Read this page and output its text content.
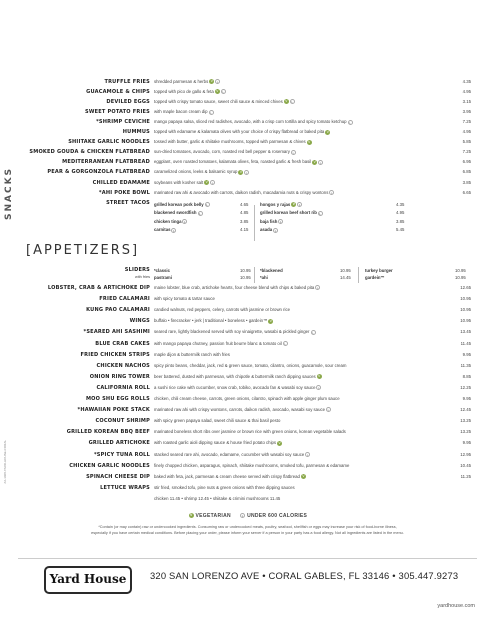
SNACKS
ZA-1408-YARD-HOUSE-CORAL
TRUFFLE FRIES shredded parmesan & herbs V L	4.35
GUACAMOLE & CHIPS topped with pico de gallo & feta V L	4.95
DEVILED EGGS topped with crispy tomato sauce, sweet chili sauce & minced chives V L	3.15
SWEET POTATO FRIES with maple bacon cream dip L	3.95
*SHRIMP CEVICHE mango papaya salsa, sliced red radishes, avocado, with a crisp corn tortilla and spicy tomato ketchup L	7.25
HUMMUS topped with edamame & kalamata olives with your choice of crispy flatbread or baked pita V	4.95
SHIITAKE GARLIC NOODLES tossed with butter, garlic & shiitake mushrooms, topped with parmesan & chives V	5.85
SMOKED GOUDA & CHICKEN FLATBREAD sun-dried tomatoes, avocado, corn, roasted red bell pepper & rosemary L	7.25
MEDITERRANEAN FLATBREAD eggplant, oven roasted tomatoes, kalamata olives, feta, roasted garlic & fresh basil V L	6.95
PEAR & GORGONZOLA FLATBREAD caramelized onions, leeks & balsamic syrup V L	6.85
CHILLED EDAMAME soybeans with kosher salt V L	3.85
*AHI POKE BOWL marinated raw ahi & avocado with carrots, daikon radish, macadamia nuts & crispy wontons L	6.65
STREET TACOS grilled korean pork belly L	4.65
blackened swordfish L	4.85
chicken tinga L	3.85
carnitas L	4.15
hongos y rajas V L	4.35
grilled korean beef short rib L	4.95
baja fish L	3.85
asada L	5.45
[APPETIZERS]
SLIDERS
with fries
*classic	10.95
pastrami	10.95
*blackened	10.95
*ahi	14.45
turkey burger	10.95
gardein™	10.95
LOBSTER, CRAB & ARTICHOKE DIP maine lobster, blue crab, artichoke hearts, four cheese blend with chips & baked pita L	12.65
FRIED CALAMARI with spicy tomato & tartar sauce	10.95
KUNG PAO CALAMARI candied walnuts, red peppers, celery, carrots with jasmine or brown rice	10.95
WINGS buffalo • firecracker • jerk | traditional • boneless • gardein™ V	10.95
*SEARED AHI SASHIMI seared rare, lightly blackened served with soy vinaigrette, wasabi & pickled ginger L	13.45
BLUE CRAB CAKES with mango papaya chutney, passion fruit beurre blanc & tomato oil L	11.45
FRIED CHICKEN STRIPS maple dijon & buttermilk ranch with fries	9.95
CHICKEN NACHOS spicy pinto beans, cheddar, jack, red & green sauce, tomato, cilantro, onions, guacamole, sour cream	11.35
ONION RING TOWER beer battered, dusted with parmesan, with chipotle & buttermilk ranch dipping sauces V	8.85
CALIFORNIA ROLL a sushi rice cake with cucumber, snow crab, tobiko, avocado fan & wasabi soy sauce L	12.25
MOO SHU EGG ROLLS chicken, chili cream cheese, carrots, green onions, cilantro, spinach with apple ginger plum sauce	9.95
*HAWAIIAN POKE STACK marinated raw ahi with crispy wontons, carrots, daikon radish, avocado, wasabi soy sauce L	12.45
COCONUT SHRIMP with spicy green papaya salad, sweet chili sauce & thai basil pesto	13.25
GRILLED KOREAN BBQ BEEF marinated boneless short ribs over jasmine or brown rice with green onions, korean vegetable salads	13.25
GRILLED ARTICHOKE with roasted garlic aioli dipping sauce & house fried potato chips V	9.95
*SPICY TUNA ROLL stacked seared rare ahi, avocado, edamame, cucumber with wasabi soy sauce L	12.95
CHICKEN GARLIC NOODLES finely chopped chicken, asparagus, spinach, shiitake mushrooms, smoked tofu, parmesan & edamame	10.45
SPINACH CHEESE DIP baked with feta, jack, parmesan & cream cheese served with crispy flatbread V	11.25
LETTUCE WRAPS stir fried, smoked tofu, pine nuts & green onions with three dipping sauces
chicken 11.45 • shrimp 12.45 • shiitake & crimini mushrooms 11.45
V VEGETARIAN	L UNDER 600 CALORIES
*Contain (or may contain) raw or undercooked ingredients. Consuming raw or undercooked meats, poultry, seafood, shellfish or eggs may increase your risk of food-borne illness,
especially if you have certain medical conditions. Before placing your order, please inform your server if a person in your party has a food allergy. Not all ingredients are listed in the menu.
Yard House	320 SAN LORENZO AVE • CORAL GABLES, FL 33146 • 305.447.9273
yardhouse.com
